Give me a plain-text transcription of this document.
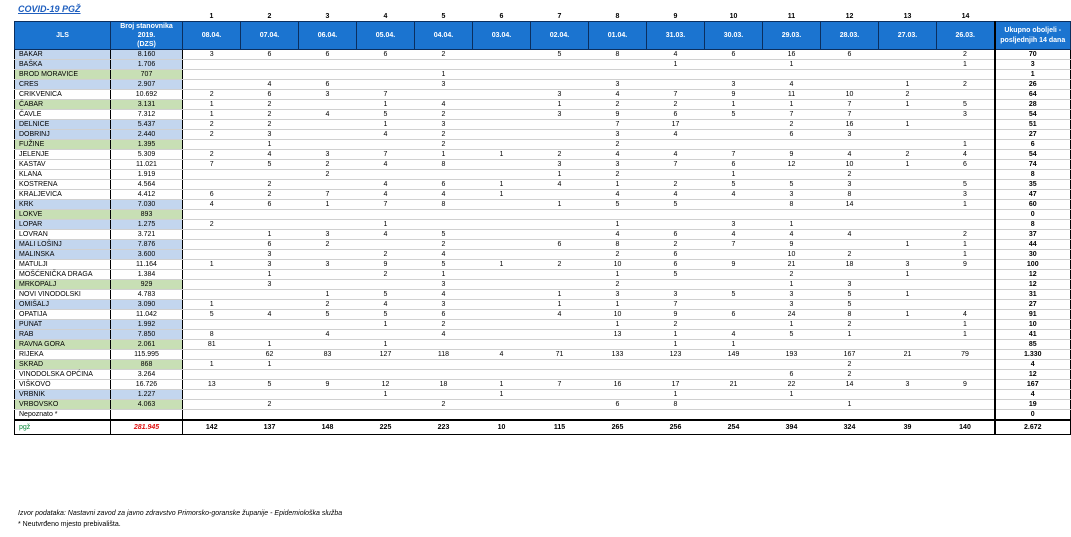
COVID-19 PGŽ
		1	2	3	4	5	6	7	8	9	10	11	12	13	14	
JLS	Broj stanovnika
2019.
(DZS)	08.04.	07.04.	06.04.	05.04.	04.04.	03.04.	02.04.	01.04.	31.03.	30.03.	29.03.	28.03.	27.03.	26.03.	Ukupno oboljeli -
posljednjih 14 dana
BAKAR	8.160	3	6	6	6	2		5	8	4	6	16	6		2	70
BAŠKA	1.706									1		1			1	3
BROD MORAVICE	707					1										1
CRES	2.907		4	6		3			3		3	4		1	2	26
CRIKVENICA	10.692	2	6	3	7			3	4	7	9	11	10	2		64
ČABAR	3.131	1	2		1	4		1	2	2	1	1	7	1	5	28
ČAVLE	7.312	1	2	4	5	2		3	9	6	5	7	7		3	54
DELNICE	5.437	2	2		1	3			7	17		2	16	1		51
DOBRINJ	2.440	2	3		4	2			3	4		6	3			27
FUŽINE	1.395		1			2			2						1	6
JELENJE	5.309	2	4	3	7	1	1	2	4	4	7	9	4	2	4	54
KASTAV	11.021	7	5	2	4	8		3	3	7	6	12	10	1	6	74
KLANA	1.919			2				1	2		1		2			8
KOSTRENA	4.564		2		4	6	1	4	1	2	5	5	3		5	35
KRALJEVICA	4.412	6	2	7	4	4	1		4	4	4	3	8		3	47
KRK	7.030	4	6	1	7	8		1	5	5		8	14		1	60
LOKVE	893															0
LOPAR	1.275	2			1				1		3	1				8
LOVRAN	3.721		1	3	4	5			4	6	4	4	4		2	37
MALI LOŠINJ	7.876		6	2		2		6	8	2	7	9		1	1	44
MALINSKA	3.600		3		2	4			2	6		10	2		1	30
MATULJI	11.164	1	3	3	9	5	1	2	10	6	9	21	18	3	9	100
MOŠĆENIČKA DRAGA	1.384		1		2	1			1	5		2		1		12
MRKOPALJ	929		3			3			2			1	3			12
NOVI VINODOLSKI	4.783			1	5	4		1	3	3	5	3	5	1		31
OMIŠALJ	3.090	1		2	4	3		1	1	7		3	5			27
OPATIJA	11.042	5	4	5	5	6		4	10	9	6	24	8	1	4	91
PUNAT	1.992				1	2			1	2		1	2		1	10
RAB	7.850	8		4		4			13	1	4	5	1		1	41
RAVNA GORA	2.061	81	1		1					1	1					85
RIJEKA	115.995		62	83	127	118	4	71	133	123	149	193	167	21	79	1.330
SKRAD	868	1	1										2			4
VINODOLSKA OPĆINA	3.264											6	2			12
VIŠKOVO	16.726	13	5	9	12	18	1	7	16	17	21	22	14	3	9	167
VRBNIK	1.227				1		1			1		1				4
VRBOVSKO	4.063		2			2			6	8			1			19
Nepoznato *																0
pgž	281.945	142	137	148	225	223	10	115	265	256	254	394	324	39	140	2.672
Izvor podataka: Nastavni zavod za javno zdravstvo Primorsko-goranske županije - Epidemiološka služba
* Neutvrđeno mjesto prebivališta.
